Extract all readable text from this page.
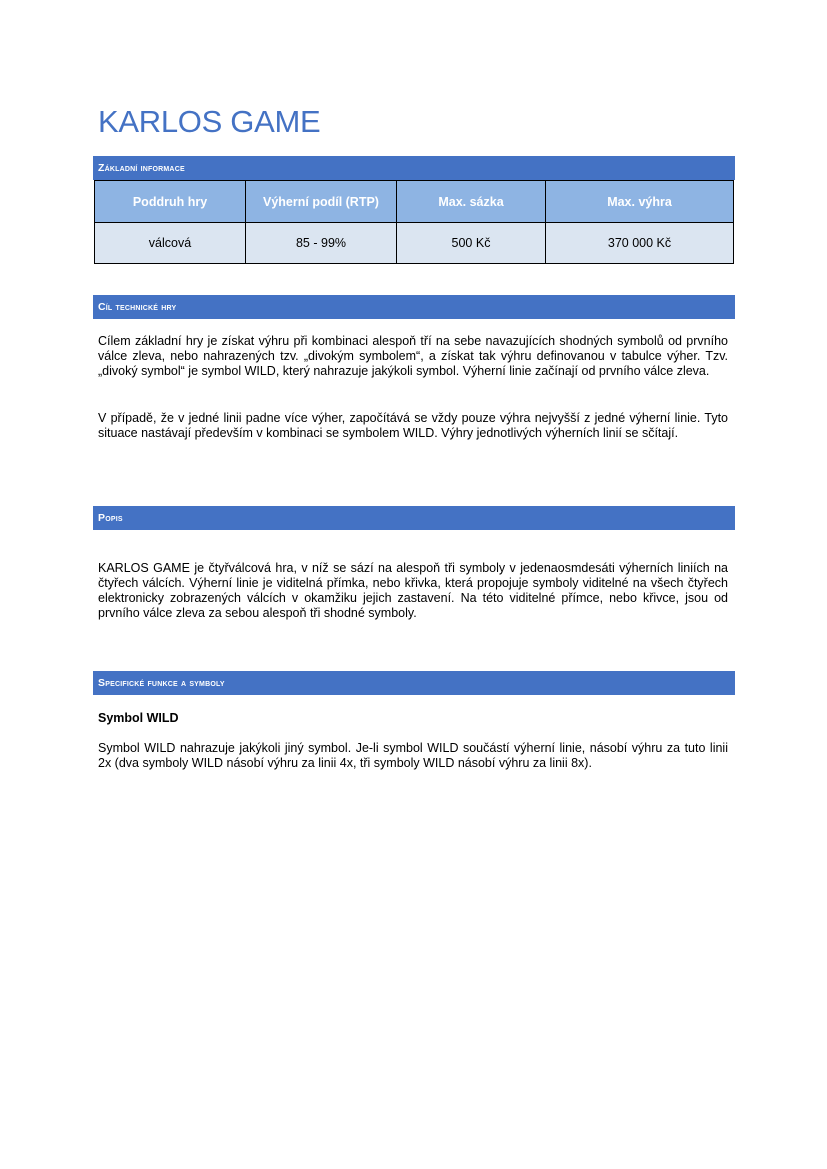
KARLOS GAME
Základní informace
Poddruh hry	Výherní podíl (RTP)	Max. sázka	Max. výhra
válcová	85 - 99%	500 Kč	370 000 Kč
Cíl technické hry

Cílem základní hry je získat výhru při kombinaci alespoň tří na sebe navazujících shodných symbolů od prvního válce zleva, nebo nahrazených tzv. „divokým symbolem“, a získat tak výhru definovanou v tabulce výher. Tzv. „divoký symbol“ je symbol WILD, který nahrazuje jakýkoli symbol. Výherní linie začínají od prvního válce zleva.

V případě, že v jedné linii padne více výher, započítává se vždy pouze výhra nejvyšší z jedné výherní linie. Tyto situace nastávají především v kombinaci se symbolem WILD. Výhry jednotlivých výherních linií se sčítají.

Popis

KARLOS GAME je čtyřválcová hra, v níž se sází na alespoň tři symboly v jedenaosmdesáti výherních liniích na čtyřech válcích. Výherní linie je viditelná přímka, nebo křivka, která propojuje symboly viditelné na všech čtyřech elektronicky zobrazených válcích v okamžiku jejich zastavení. Na této viditelné přímce, nebo křivce, jsou od prvního válce zleva za sebou alespoň tři shodné symboly.

Specifické funkce a symboly

Symbol WILD

Symbol WILD nahrazuje jakýkoli jiný symbol. Je-li symbol WILD součástí výherní linie, násobí výhru za tuto linii 2x (dva symboly WILD násobí výhru za linii 4x, tři symboly WILD násobí výhru za linii 8x).
